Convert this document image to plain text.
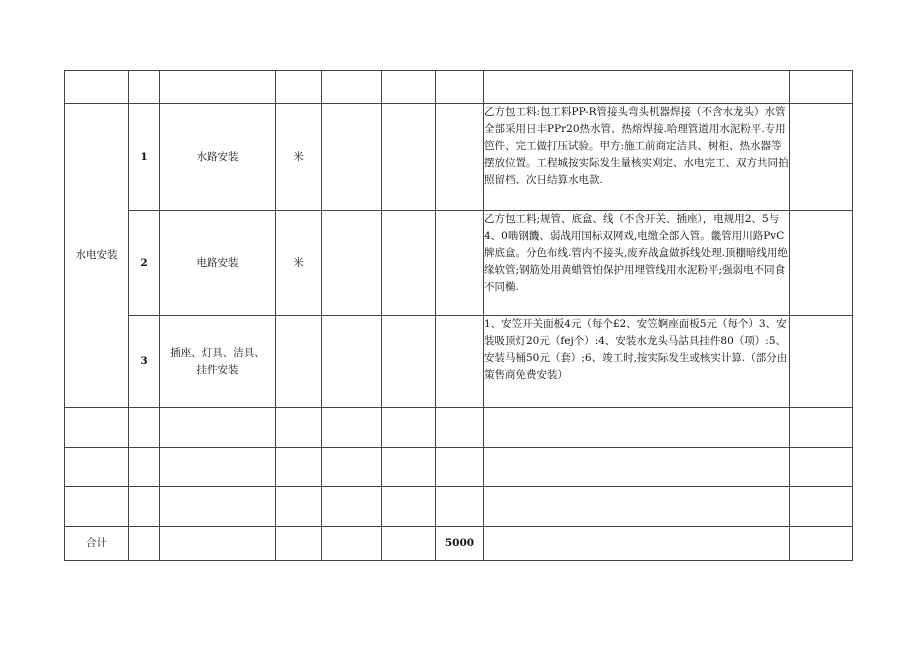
水电安装	1	水路安装	米				乙方包工料:包工料PP-R管接头弯头机器焊接（不含水龙头）水管全部采用日丰PPr20热水管、热熔焊接.哈理管道用水泥粉平.专用笆件、完工做打压试验。甲方:施工前商定洁具、树柜、热水器等摆放位置。工程城按实际发生量核实刈定、水电完工、双方共同拍照留档、次日结算水电款.	
	2	电路安装	米				乙方包工料;规管、底盒、线（不含开关、插座），电规用2、5与4、0啮钢饑、弱战用国标双网戏,电缴全部入管。畿管用川路PvC牌底盒。分色布线.管内不接头,废弃战盒做拆线处理.顶棚暗线用绝缘软管;钢筋处用黄蜡管怕保护用埋管线用水泥粉平;强弱电不同食不同椭.	
	3	插座、灯具、洁具、挂件安装					1、安笠开关面板4元（每个£2、安笠婀座面板5元（每个）3、安装吸顶灯20元（fej个）:4、安装水龙头马詁具挂件80（项）:5、安装马桶50元（套）;6、竣工时,按实际发生或核实计算.（部分由策售商免费安装）	

合计						5000		
